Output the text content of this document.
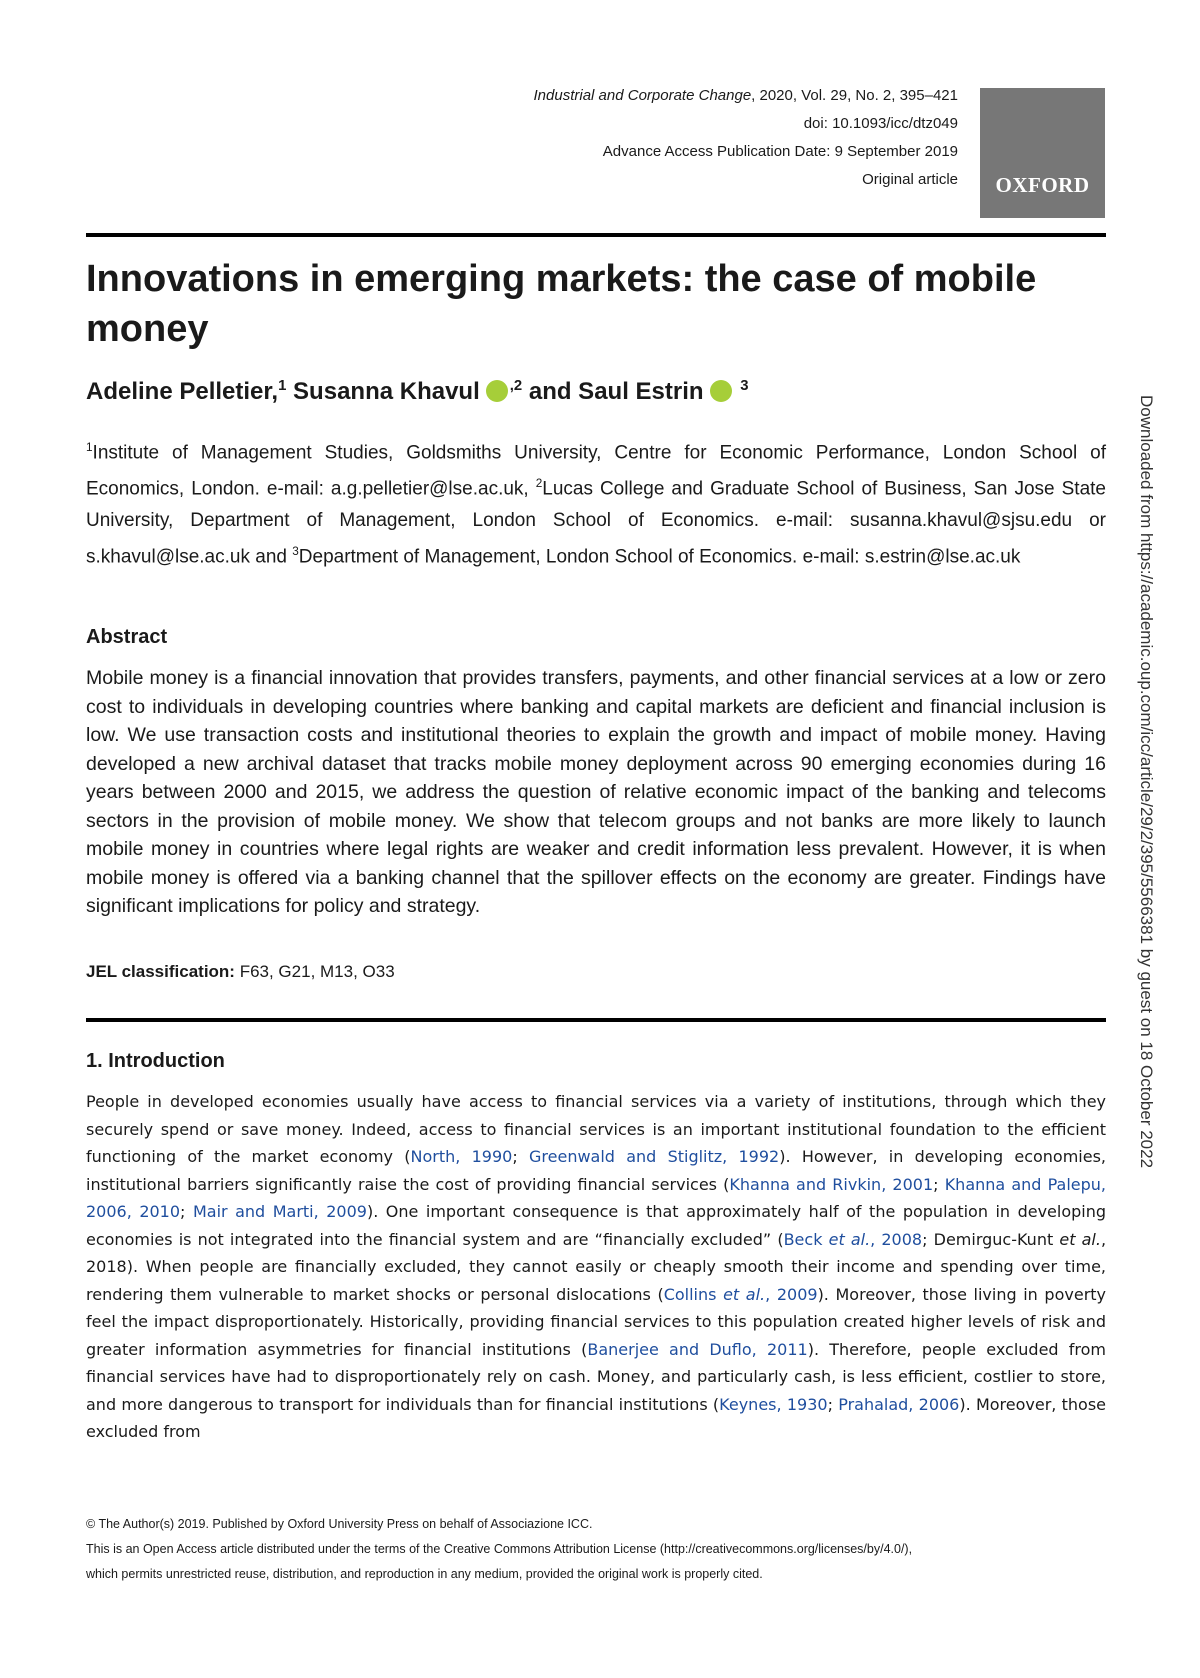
Industrial and Corporate Change, 2020, Vol. 29, No. 2, 395–421
doi: 10.1093/icc/dtz049
Advance Access Publication Date: 9 September 2019
Original article	OXFORD
Innovations in emerging markets: the case of mobile money
Adeline Pelletier,$^1$ Susanna Khavul $^{,2}$ and Saul Estrin $^3$
$^1$Institute of Management Studies, Goldsmiths University, Centre for Economic Performance, London School of Economics, London. e-mail: a.g.pelletier@lse.ac.uk, $^2$Lucas College and Graduate School of Business, San Jose State University, Department of Management, London School of Economics. e-mail: susanna.khavul@sjsu.edu or s.khavul@lse.ac.uk and $^3$Department of Management, London School of Economics. e-mail: s.estrin@lse.ac.uk
Abstract

Mobile money is a financial innovation that provides transfers, payments, and other financial services at a low or zero cost to individuals in developing countries where banking and capital markets are deficient and financial inclusion is low. We use transaction costs and institutional theories to explain the growth and impact of mobile money. Having developed a new archival dataset that tracks mobile money deployment across 90 emerging economies during 16 years between 2000 and 2015, we address the question of relative economic impact of the banking and telecoms sectors in the provision of mobile money. We show that telecom groups and not banks are more likely to launch mobile money in countries where legal rights are weaker and credit information less prevalent. However, it is when mobile money is offered via a banking channel that the spillover effects on the economy are greater. Findings have significant implications for policy and strategy.

JEL classification: F63, G21, M13, O33
1. Introduction

People in developed economies usually have access to financial services via a variety of institutions, through which they securely spend or save money. Indeed, access to financial services is an important institutional foundation to the efficient functioning of the market economy (North, 1990; Greenwald and Stiglitz, 1992). However, in developing economies, institutional barriers significantly raise the cost of providing financial services (Khanna and Rivkin, 2001; Khanna and Palepu, 2006, 2010; Mair and Marti, 2009). One important consequence is that approximately half of the population in developing economies is not integrated into the financial system and are “financially excluded” (Beck et al., 2008; Demirguc-Kunt et al., 2018). When people are financially excluded, they cannot easily or cheaply smooth their income and spending over time, rendering them vulnerable to market shocks or personal dislocations (Collins et al., 2009). Moreover, those living in poverty feel the impact disproportionately. Historically, providing financial services to this population created higher levels of risk and greater information asymmetries for financial institutions (Banerjee and Duflo, 2011). Therefore, people excluded from financial services have had to disproportionately rely on cash. Money, and particularly cash, is less efficient, costlier to store, and more dangerous to transport for individuals than for financial institutions (Keynes, 1930; Prahalad, 2006). Moreover, those excluded from

Downloaded from https://academic.oup.com/icc/article/29/2/395/5566381 by guest on 18 October 2022
© The Author(s) 2019. Published by Oxford University Press on behalf of Associazione ICC.
This is an Open Access article distributed under the terms of the Creative Commons Attribution License (http://creativecommons.org/licenses/by/4.0/),
which permits unrestricted reuse, distribution, and reproduction in any medium, provided the original work is properly cited.
